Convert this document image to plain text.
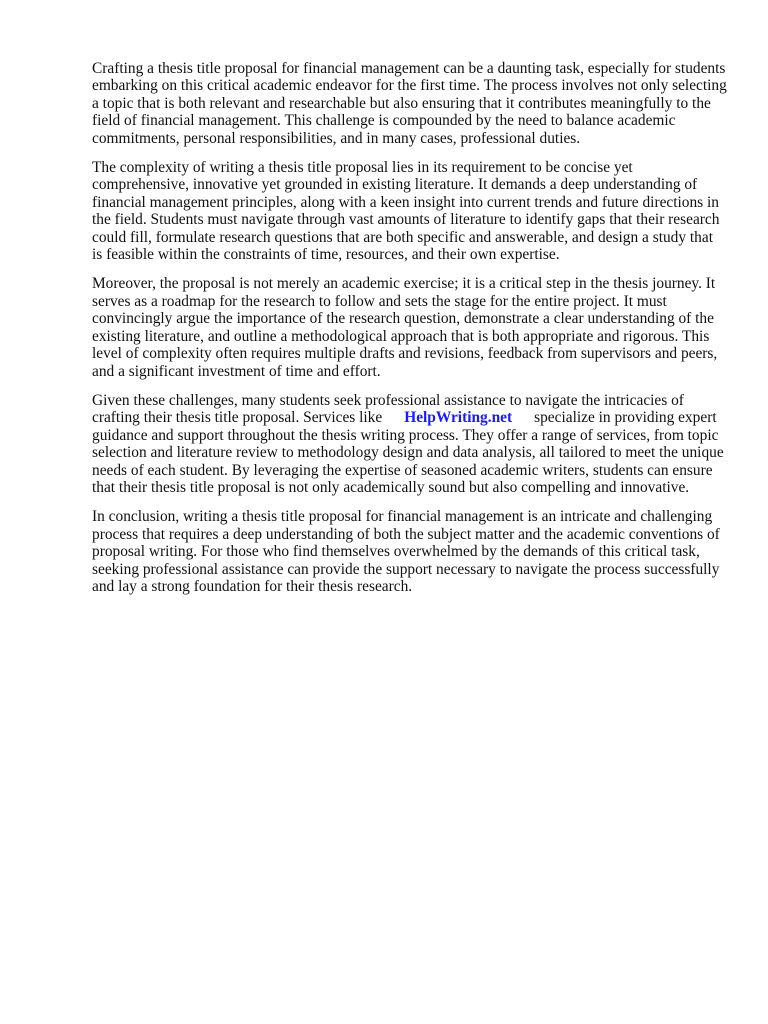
Crafting a thesis title proposal for financial management can be a daunting task, especially for students embarking on this critical academic endeavor for the first time. The process involves not only selecting a topic that is both relevant and researchable but also ensuring that it contributes meaningfully to the field of financial management. This challenge is compounded by the need to balance academic commitments, personal responsibilities, and in many cases, professional duties.

The complexity of writing a thesis title proposal lies in its requirement to be concise yet comprehensive, innovative yet grounded in existing literature. It demands a deep understanding of financial management principles, along with a keen insight into current trends and future directions in the field. Students must navigate through vast amounts of literature to identify gaps that their research could fill, formulate research questions that are both specific and answerable, and design a study that is feasible within the constraints of time, resources, and their own expertise.

Moreover, the proposal is not merely an academic exercise; it is a critical step in the thesis journey. It serves as a roadmap for the research to follow and sets the stage for the entire project. It must convincingly argue the importance of the research question, demonstrate a clear understanding of the existing literature, and outline a methodological approach that is both appropriate and rigorous. This level of complexity often requires multiple drafts and revisions, feedback from supervisors and peers, and a significant investment of time and effort.

Given these challenges, many students seek professional assistance to navigate the intricacies of crafting their thesis title proposal. Services like HelpWriting.net specialize in providing expert guidance and support throughout the thesis writing process. They offer a range of services, from topic selection and literature review to methodology design and data analysis, all tailored to meet the unique needs of each student. By leveraging the expertise of seasoned academic writers, students can ensure that their thesis title proposal is not only academically sound but also compelling and innovative.

In conclusion, writing a thesis title proposal for financial management is an intricate and challenging process that requires a deep understanding of both the subject matter and the academic conventions of proposal writing. For those who find themselves overwhelmed by the demands of this critical task, seeking professional assistance can provide the support necessary to navigate the process successfully and lay a strong foundation for their thesis research.
